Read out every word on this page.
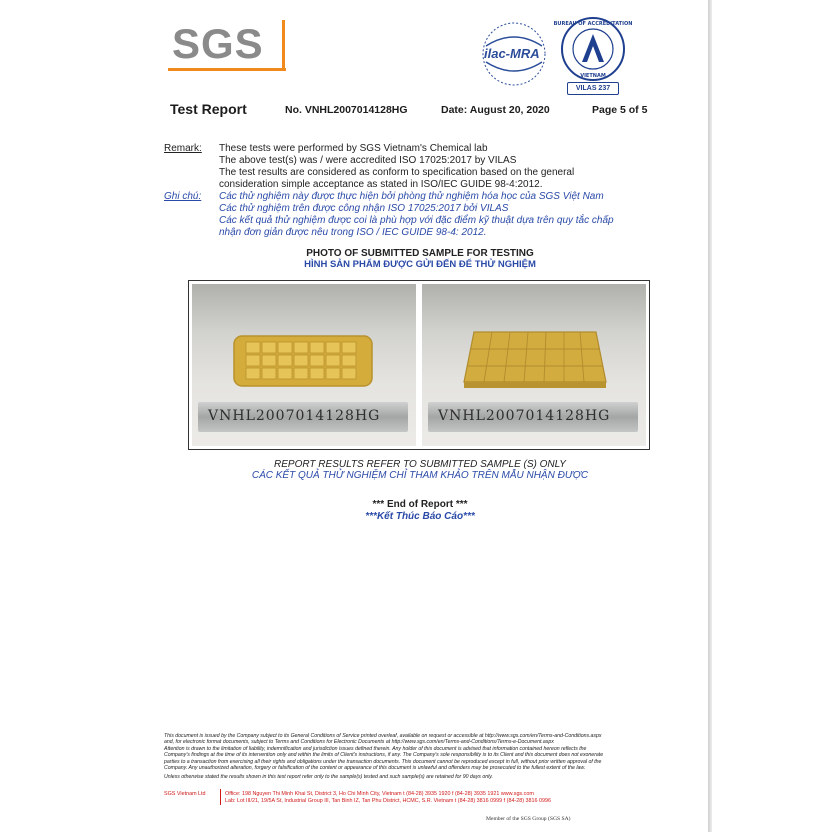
SGS	ilac-MRA
BUREAU OF ACCREDITATION
VIETNAM
VILAS 237
Test Report	No. VNHL2007014128HG	Date: August 20, 2020	Page 5 of 5
Remark: These tests were performed by SGS Vietnam's Chemical lab
The above test(s) was / were accredited ISO 17025:2017 by VILAS
The test results are considered as conform to specification based on the general
consideration simple acceptance as stated in ISO/IEC GUIDE 98-4:2012.
Ghi chú: Các thử nghiệm này được thực hiện bởi phòng thử nghiệm hóa học của SGS Việt Nam
Các thử nghiệm trên được công nhận ISO 17025:2017 bởi VILAS
Các kết quả thử nghiệm được coi là phù hợp với đặc điểm kỹ thuật dựa trên quy tắc chấp
nhận đơn giản được nêu trong ISO / IEC GUIDE 98-4: 2012.
PHOTO OF SUBMITTED SAMPLE FOR TESTING
HÌNH SẢN PHẨM ĐƯỢC GỬI ĐẾN ĐỂ THỬ NGHIỆM
VNHL2007014128HG	VNHL2007014128HG
REPORT RESULTS REFER TO SUBMITTED SAMPLE (S) ONLY
CÁC KẾT QUẢ THỬ NGHIỆM CHỈ THAM KHẢO TRÊN MẪU NHẬN ĐƯỢC
*** End of Report ***
***Kết Thúc Báo Cáo***
This document is issued by the Company subject to its General Conditions of Service printed overleaf, available on request or accessible at http://www.sgs.com/en/Terms-and-Conditions.aspx
and, for electronic format documents, subject to Terms and Conditions for Electronic Documents at http://www.sgs.com/en/Terms-and-Conditions/Terms-e-Document.aspx
Attention is drawn to the limitation of liability, indemnification and jurisdiction issues defined therein. Any holder of this document is advised that information contained hereon reflects the
Company's findings at the time of its intervention only and within the limits of Client's instructions, if any. The Company's sole responsibility is to its Client and this document does not exonerate
parties to a transaction from exercising all their rights and obligations under the transaction documents. This document cannot be reproduced except in full, without prior written approval of the
Company. Any unauthorized alteration, forgery or falsification of the content or appearance of this document is unlawful and offenders may be prosecuted to the fullest extent of the law.
Unless otherwise stated the results shown in this test report refer only to the sample(s) tested and such sample(s) are retained for 90 days only.
SGS Vietnam Ltd	Office: 198 Nguyen Thi Minh Khai St, District 3, Ho Chi Minh City, Vietnam t (84-28) 3935 1920 f (84-28) 3935 1921 www.sgs.com
Lab: Lot III/21, 19/5A St, Industrial Group III, Tan Binh IZ, Tan Phu District, HCMC, S.R. Vietnam t (84-28) 3816 0999 f (84-28) 3816 0996
Member of the SGS Group (SGS SA)
